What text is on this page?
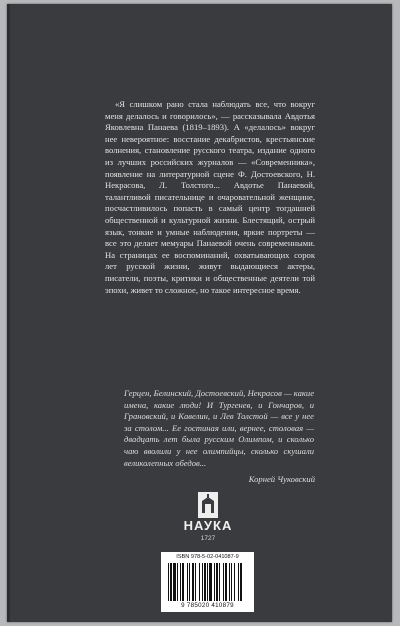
«Я слишком рано стала наблюдать все, что вокруг меня делалось и говорилось», — рассказывала Авдотья Яковлевна Панаева (1819–1893). А «делалось» вокруг нее невероятное: восстание декабристов, крестьянские волнения, становление русского театра, издание одного из лучших российских журналов — «Современника», появление на литературной сцене Ф. Достоевского, Н. Некрасова, Л. Толстого... Авдотье Панаевой, талантливой писательнице и очаровательной женщине, посчастливилось попасть в самый центр тогдашней общественной и культурной жизни. Блестящий, острый язык, тонкие и умные наблюдения, яркие портреты — все это делает мемуары Панаевой очень современными. На страницах ее воспоминаний, охватывающих сорок лет русской жизни, живут выдающиеся актеры, писатели, поэты, критики и общественные деятели той эпохи, живет то сложное, но такое интересное время.

Герцен, Белинский, Достоевский, Некрасов — какие имена, какие люди! И Тургенев, и Гончаров, и Грановский, и Кавелин, и Лев Толстой — все у нее за столом... Ее гостиная или, вернее, столовая — двадцать лет была русским Олимпом, и сколько чаю вволили у нее олимпийцы, сколько скушали великолепных обедов...

Корней Чуковский
НАУКА
1727
ISBN 978-5-02-041087-9
9 785020 410879
